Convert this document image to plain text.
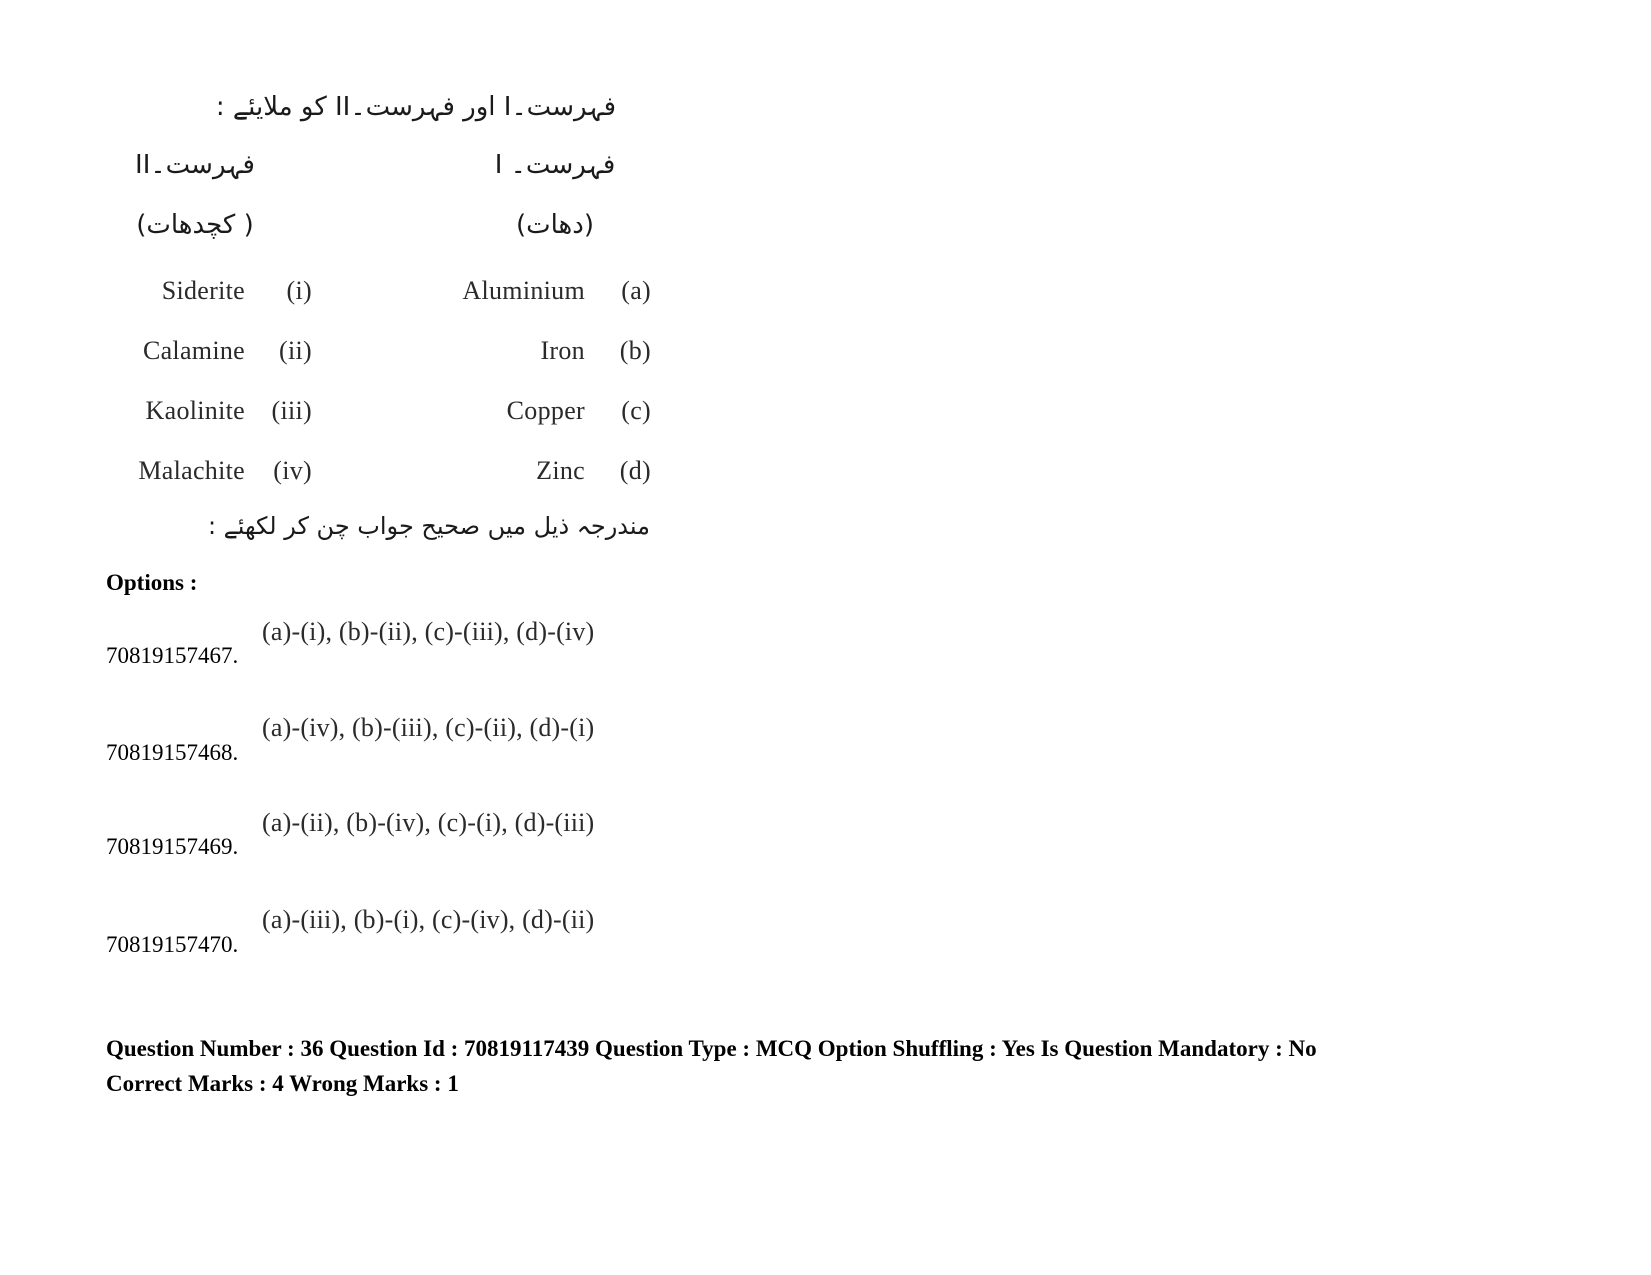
فہرست۔I اور فہرست۔II کو ملایئے :
فہرست۔II	فہرست۔ I
( کچدھات)	(دھات)
Siderite (i)	Aluminium (a)
Calamine (ii)	Iron (b)
Kaolinite (iii)	Copper (c)
Malachite (iv)	Zinc (d)
مندرجہ ذیل میں صحیح جواب چن کر لکھئے :
Options :
(a)-(i), (b)-(ii), (c)-(iii), (d)-(iv)
70819157467.
(a)-(iv), (b)-(iii), (c)-(ii), (d)-(i)
70819157468.
(a)-(ii), (b)-(iv), (c)-(i), (d)-(iii)
70819157469.
(a)-(iii), (b)-(i), (c)-(iv), (d)-(ii)
70819157470.
Question Number : 36 Question Id : 70819117439 Question Type : MCQ Option Shuffling : Yes Is Question Mandatory : No
Correct Marks : 4 Wrong Marks : 1
